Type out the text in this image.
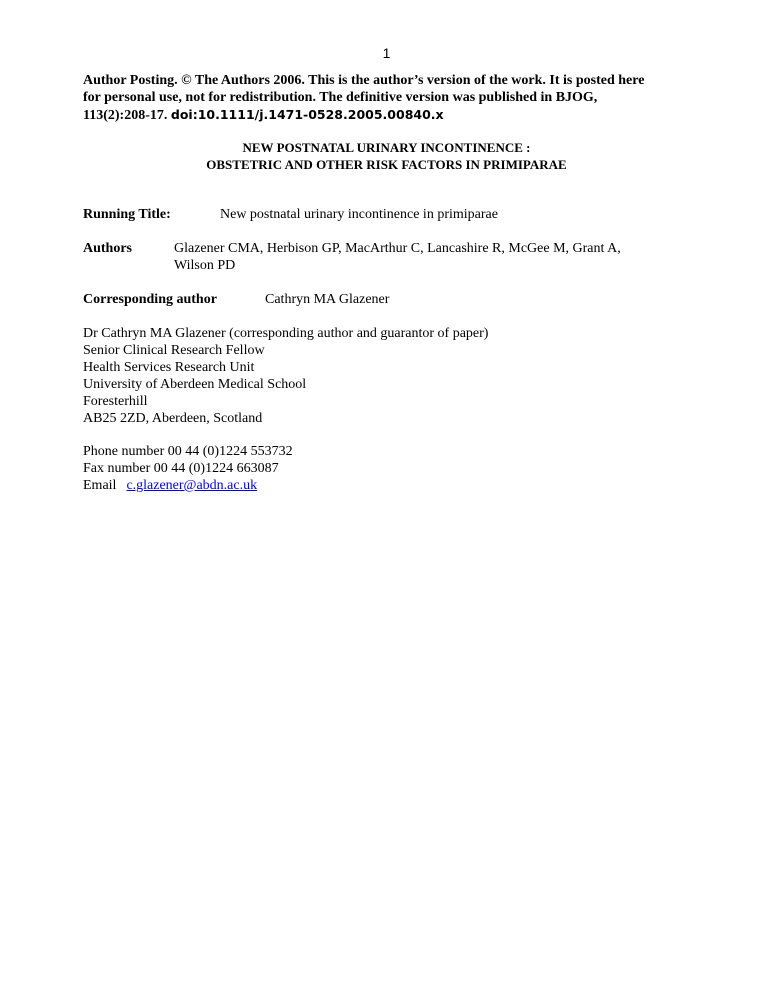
1
Author Posting. © The Authors 2006. This is the author’s version of the work. It is posted here
for personal use, not for redistribution. The definitive version was published in BJOG,
113(2):208-17. doi:10.1111/j.1471-0528.2005.00840.x
NEW POSTNATAL URINARY INCONTINENCE :
OBSTETRIC AND OTHER RISK FACTORS IN PRIMIPARAE
Running Title:	New postnatal urinary incontinence in primiparae
Authors	Glazener CMA, Herbison GP, MacArthur C, Lancashire R, McGee M, Grant A,
Wilson PD
Corresponding author	Cathryn MA Glazener
Dr Cathryn MA Glazener (corresponding author and guarantor of paper)
Senior Clinical Research Fellow
Health Services Research Unit
University of Aberdeen Medical School
Foresterhill
AB25 2ZD, Aberdeen, Scotland
Phone number 00 44 (0)1224 553732
Fax number 00 44 (0)1224 663087
Email c.glazener@abdn.ac.uk
